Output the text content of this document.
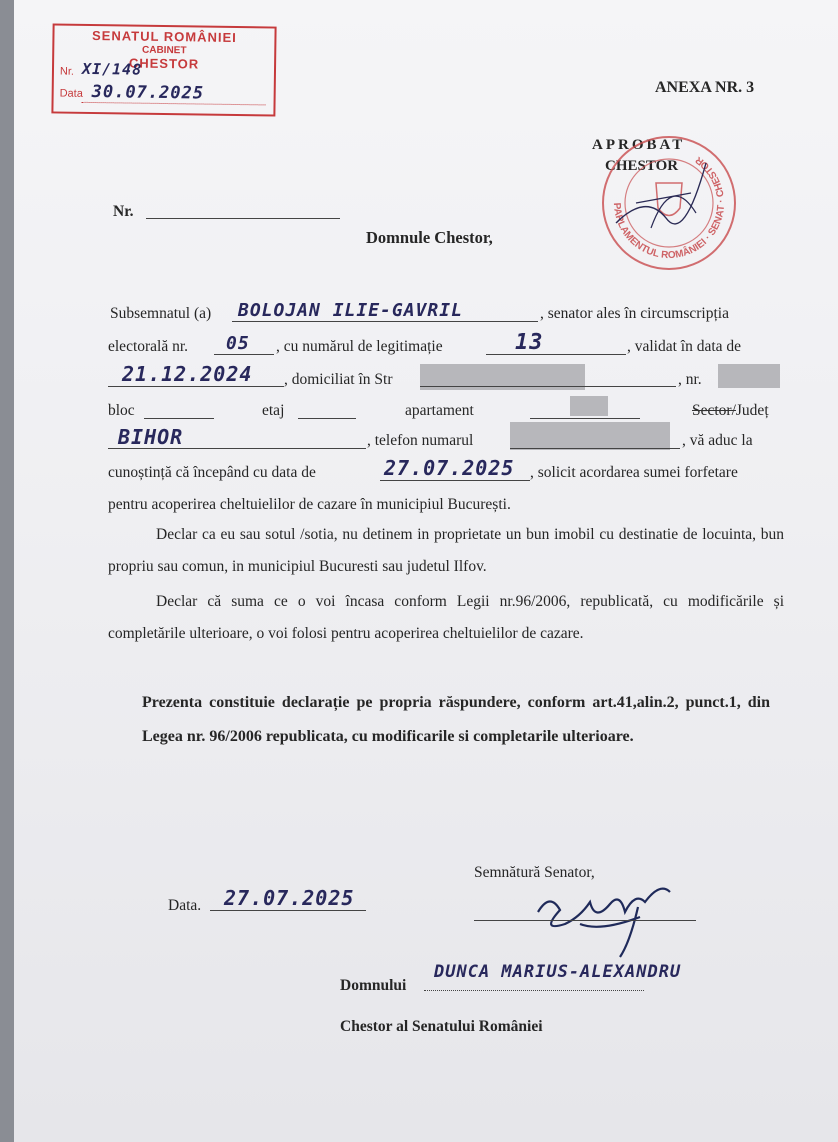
SENATUL ROMÂNIEI
CABINET
CHESTOR
Nr. XI/148
Data 30.07.2025	ANEXA NR. 3
APROBAT
CHESTOR
PARLAMENTUL ROMÂNIEI · SENAT · CHESTOR
Nr.
Domnule Chestor,
Subsemnatul (a) BOLOJAN ILIE-GAVRIL	, senator ales în circumscripția
electorală nr. 05 , cu numărul de legitimație	13	, validat în data de
21.12.2024 , domiciliat în Str	, nr.
bloc	etaj	apartament	Sector/Județ
BIHOR	, telefon numarul	, vă aduc la
cunoștință că începând cu data de	27.07.2025 , solicit acordarea sumei forfetare
pentru acoperirea cheltuielilor de cazare în municipiul București.
Declar ca eu sau sotul /sotia, nu detinem in proprietate un bun imobil cu destinatie de locuinta, bun propriu sau comun, in municipiul Bucuresti sau judetul Ilfov.
Declar că suma ce o voi încasa conform Legii nr.96/2006, republicată, cu modificările și completările ulterioare, o voi folosi pentru acoperirea cheltuielilor de cazare.
Prezenta constituie declarație pe propria răspundere, conform art.41,alin.2, punct.1, din Legea nr. 96/2006 republicata, cu modificarile si completarile ulterioare.
Semnătură Senator,
Data. 27.07.2025
Domnului
DUNCA MARIUS-ALEXANDRU
Chestor al Senatului României
